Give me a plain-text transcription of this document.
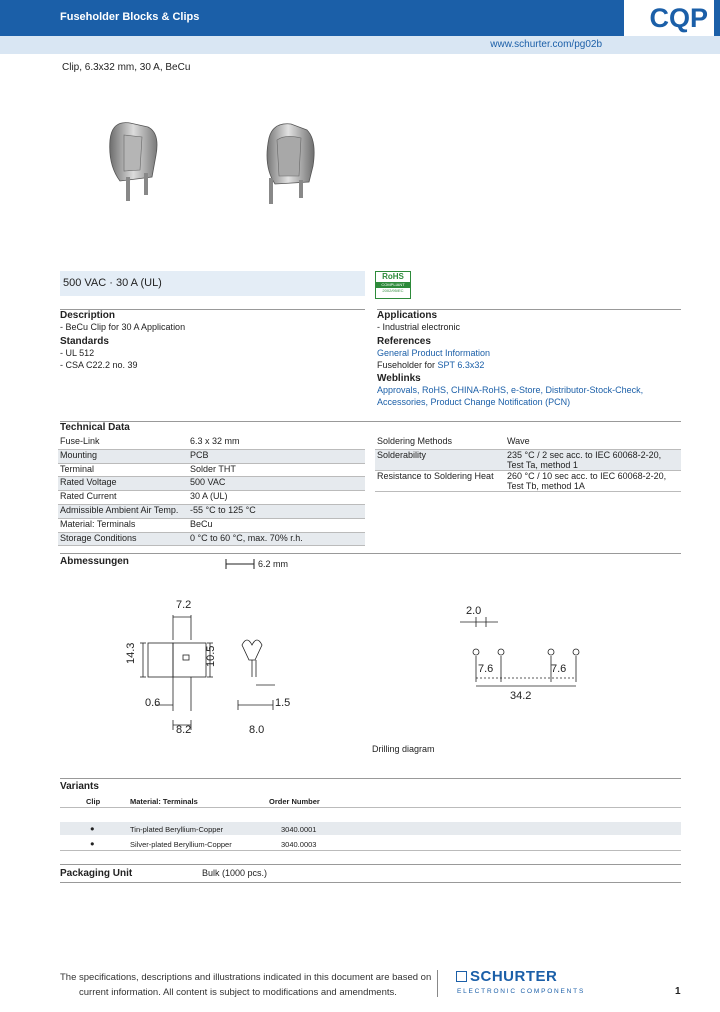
Fuseholder Blocks & Clips	CQP
www.schurter.com/pg02b
Clip, 6.3x32 mm, 30 A, BeCu
500 VAC · 30 A (UL)
RoHS
COMPLIANT
2002/95/EC
Description
- BeCu Clip for 30 A Application
Standards
- UL 512
- CSA C22.2 no. 39
Applications
- Industrial electronic
References
General Product Information
Fuseholder for SPT 6.3x32
Weblinks
Approvals, RoHS, CHINA-RoHS, e-Store, Distributor-Stock-Check,
Accessories, Product Change Notification (PCN)
Technical Data
Fuse-Link	6.3 x 32 mm
Mounting	PCB
Terminal	Solder THT
Rated Voltage	500 VAC
Rated Current	30 A (UL)
Admissible Ambient Air Temp.	-55 °C to 125 °C
Material: Terminals	BeCu
Storage Conditions	0 °C to 60 °C, max. 70% r.h.
Soldering Methods	Wave
Solderability	235 °C / 2 sec acc. to IEC 60068-2-20,
Test Ta, method 1

Resistance to Soldering Heat	260 °C / 10 sec acc. to IEC 60068-2-20,
Test Tb, method 1A
Abmessungen	6.2 mm
7.2
14.3	10.5
0.6
8.2
1.5
8.0
2.0
7.6	7.6
34.2
Drilling diagram
Variants
Clip	Material: Terminals	Order Number
●	Tin-plated Beryllium-Copper	3040.0001
●	Silver-plated Beryllium-Copper	3040.0003
Packaging Unit	Bulk (1000 pcs.)
The specifications, descriptions and illustrations indicated in this document are based on
current information. All content is subject to modifications and amendments.
SCHURTER
ELECTRONIC COMPONENTS	1
